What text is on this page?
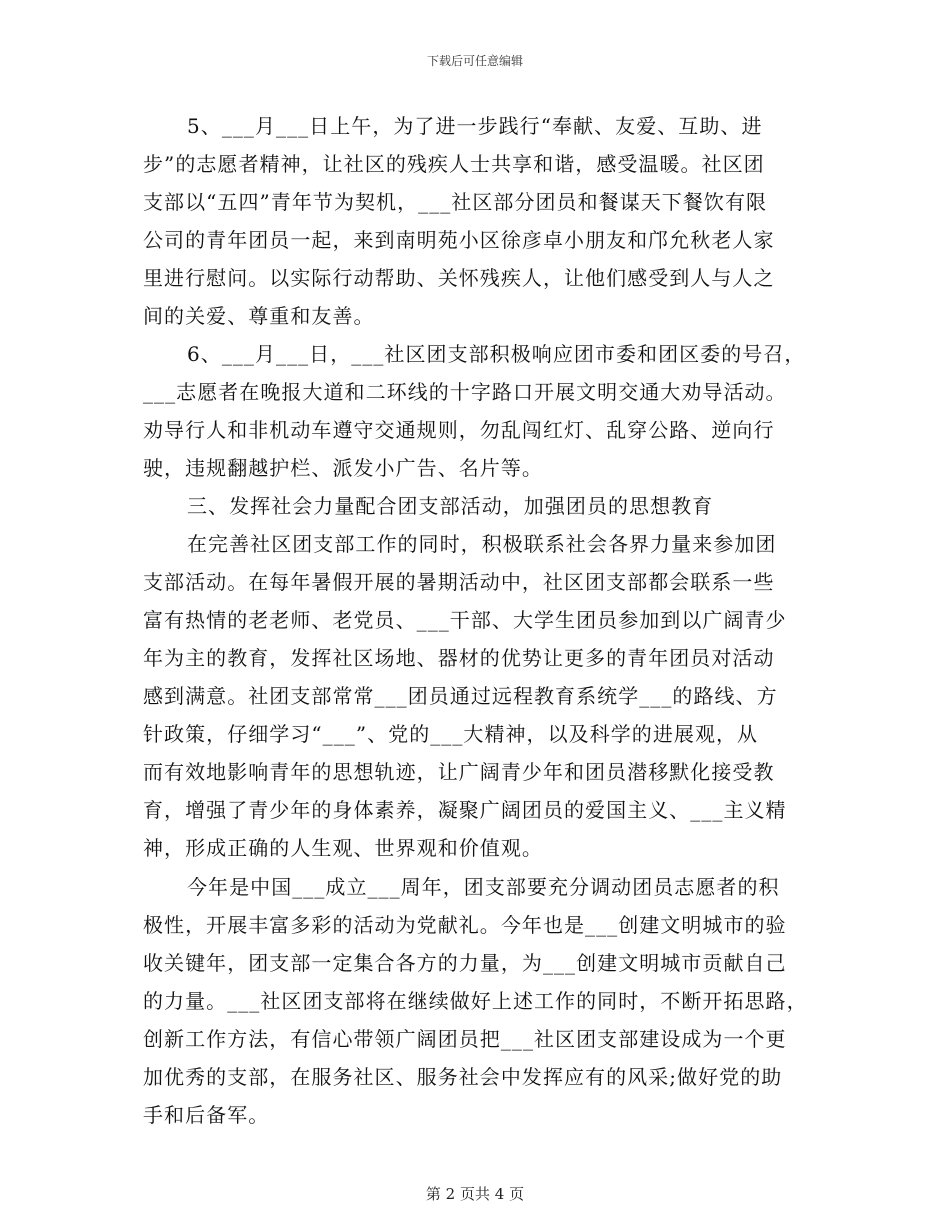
下载后可任意编辑
5、___月___日上午，为了进一步践行“奉献、友爱、互助、进
步”的志愿者精神，让社区的残疾人士共享和谐，感受温暖。社区团
支部以“五四”青年节为契机，___社区部分团员和餐谋天下餐饮有限
公司的青年团员一起，来到南明苑小区徐彦卓小朋友和邝允秋老人家
里进行慰问。以实际行动帮助、关怀残疾人，让他们感受到人与人之
间的关爱、尊重和友善。
6、___月___日，___社区团支部积极响应团市委和团区委的号召，
___志愿者在晚报大道和二环线的十字路口开展文明交通大劝导活动。
劝导行人和非机动车遵守交通规则，勿乱闯红灯、乱穿公路、逆向行
驶，违规翻越护栏、派发小广告、名片等。
三、发挥社会力量配合团支部活动，加强团员的思想教育
在完善社区团支部工作的同时，积极联系社会各界力量来参加团
支部活动。在每年暑假开展的暑期活动中，社区团支部都会联系一些
富有热情的老老师、老党员、___干部、大学生团员参加到以广阔青少
年为主的教育，发挥社区场地、器材的优势让更多的青年团员对活动
感到满意。社团支部常常___团员通过远程教育系统学___的路线、方
针政策，仔细学习“___”、党的___大精神，以及科学的进展观，从
而有效地影响青年的思想轨迹，让广阔青少年和团员潜移默化接受教
育，增强了青少年的身体素养，凝聚广阔团员的爱国主义、___主义精
神，形成正确的人生观、世界观和价值观。
今年是中国___成立___周年，团支部要充分调动团员志愿者的积
极性，开展丰富多彩的活动为党献礼。今年也是___创建文明城市的验
收关键年，团支部一定集合各方的力量，为___创建文明城市贡献自己
的力量。___社区团支部将在继续做好上述工作的同时，不断开拓思路，
创新工作方法，有信心带领广阔团员把___社区团支部建设成为一个更
加优秀的支部，在服务社区、服务社会中发挥应有的风采;做好党的助
手和后备军。
第 2 页共 4 页
